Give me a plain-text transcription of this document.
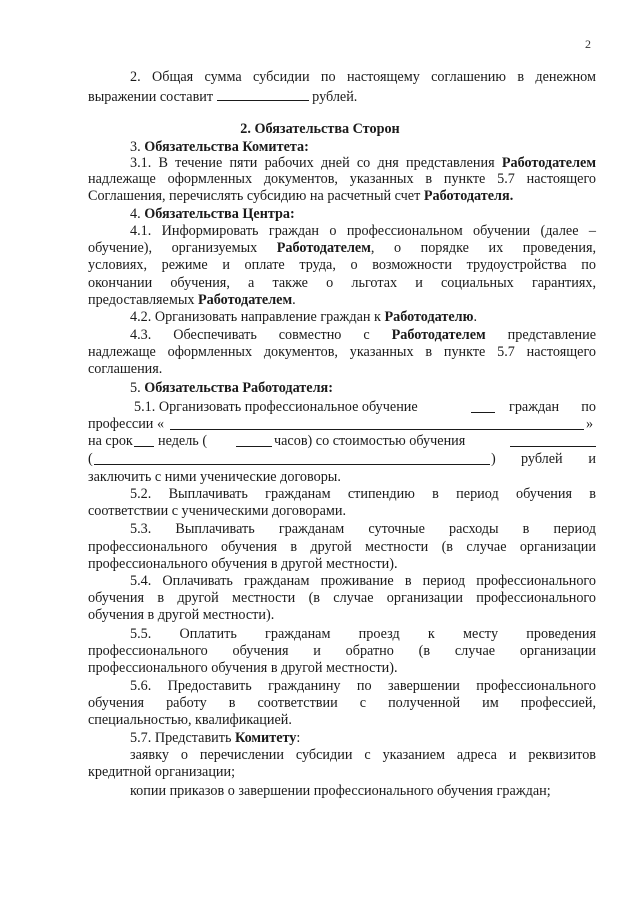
2
2. Общая сумма субсидии по настоящему соглашению в денежном
выражении составит	рублей.
2. Обязательства Сторон
3. Обязательства Комитета:
3.1. В течение пяти рабочих дней со дня представления Работодателем
надлежаще оформленных документов, указанных в пункте 5.7 настоящего
Соглашения, перечислять субсидию на расчетный счет Работодателя.
4. Обязательства Центра:
4.1. Информировать граждан о профессиональном обучении (далее –
обучение), организуемых Работодателем, о порядке их проведения,
условиях, режиме и оплате труда, о возможности трудоустройства по
окончании обучения, а также о льготах и социальных гарантиях,
предоставляемых Работодателем.
4.2. Организовать направление граждан к Работодателю.
4.3. Обеспечивать совместно с Работодателем представление
надлежаще оформленных документов, указанных в пункте 5.7 настоящего
соглашения.
5. Обязательства Работодателя:
5.1. Организовать профессиональное обучение	граждан по
профессии «	»
на срок недель (	часов) со стоимостью обучения
(	) рублей и
заключить с ними ученические договоры.
5.2. Выплачивать гражданам стипендию в период обучения в
соответствии с ученическими договорами.
5.3. Выплачивать гражданам суточные расходы в период
профессионального обучения в другой местности (в случае организации
профессионального обучения в другой местности).
5.4. Оплачивать гражданам проживание в период профессионального
обучения в другой местности (в случае организации профессионального
обучения в другой местности).
5.5. Оплатить гражданам проезд к месту проведения
профессионального обучения и обратно (в случае организации
профессионального обучения в другой местности).
5.6. Предоставить гражданину по завершении профессионального
обучения работу в соответствии с полученной им профессией,
специальностью, квалификацией.
5.7. Представить Комитету:
заявку о перечислении субсидии с указанием адреса и реквизитов
кредитной организации;
копии приказов о завершении профессионального обучения граждан;
